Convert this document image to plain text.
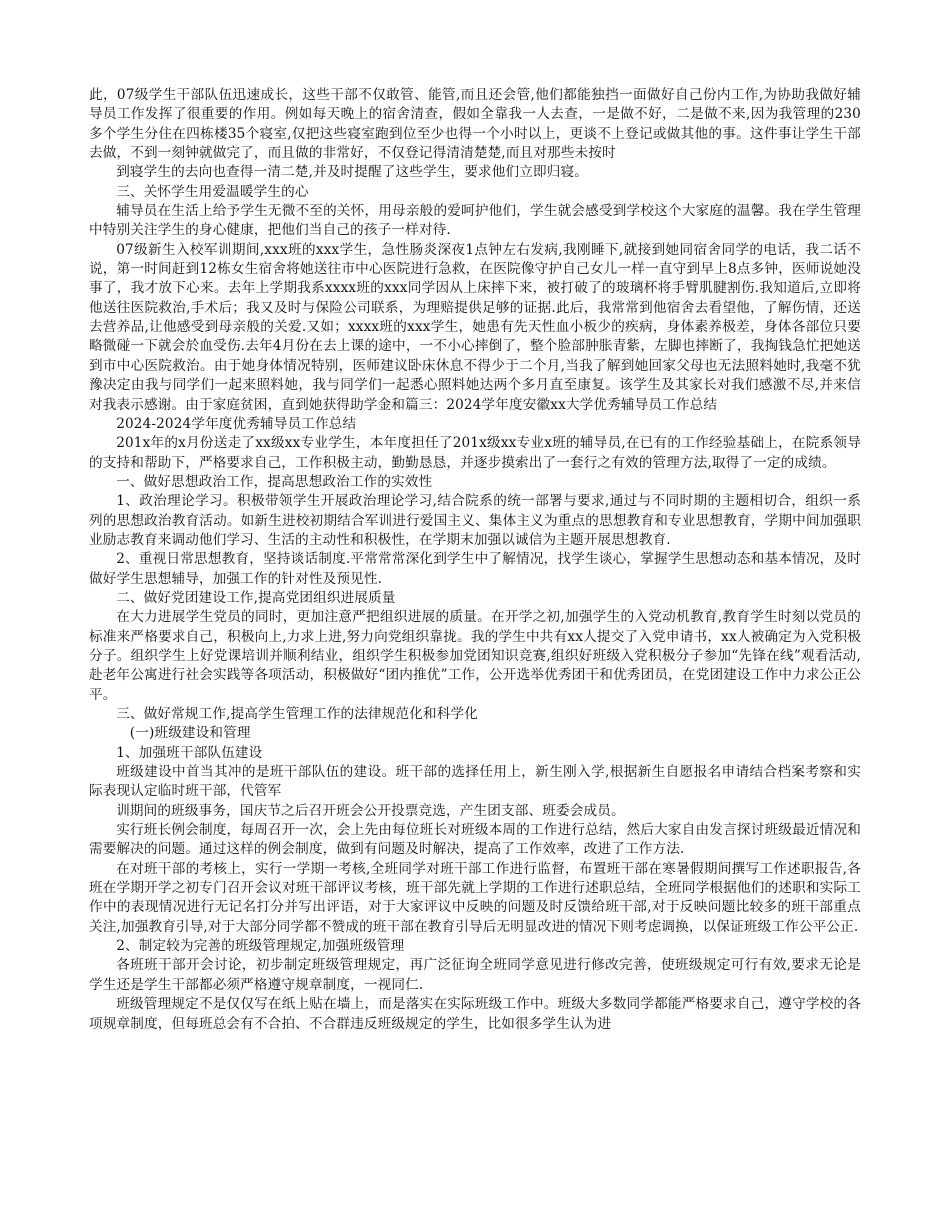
此，07级学生干部队伍迅速成长，这些干部不仅敢管、能管,而且还会管,他们都能独挡一面做好自己份内工作,为协助我做好辅导员工作发挥了很重要的作用。例如每天晚上的宿舍清查，假如全靠我一人去查，一是做不好，二是做不来,因为我管理的230多个学生分住在四栋楼35个寝室,仅把这些寝室跑到位至少也得一个小时以上，更谈不上登记或做其他的事。这件事让学生干部去做，不到一刻钟就做完了，而且做的非常好，不仅登记得清清楚楚,而且对那些未按时

到寝学生的去向也查得一清二楚,并及时提醒了这些学生，要求他们立即归寝。

三、关怀学生用爱温暖学生的心

辅导员在生活上给予学生无微不至的关怀，用母亲般的爱呵护他们，学生就会感受到学校这个大家庭的温馨。我在学生管理中特别关注学生的身心健康，把他们当自己的孩子一样对待.

07级新生入校军训期间,xxx班的xxx学生，急性肠炎深夜1点钟左右发病,我刚睡下,就接到她同宿舍同学的电话，我二话不说，第一时间赶到12栋女生宿舍将她送往市中心医院进行急救，在医院像守护自己女儿一样一直守到早上8点多钟，医师说她没事了，我才放下心来。去年上学期我系xxxx班的xxx同学因从上床摔下来，被打破了的玻璃杯将手臂肌腱割伤.我知道后,立即将他送往医院救治,手术后；我又及时与保险公司联系，为理赔提供足够的证据.此后，我常常到他宿舍去看望他，了解伤情，还送去营养品,让他感受到母亲般的关爱.又如；xxxx班的xxx学生，她患有先天性血小板少的疾病，身体素养极差，身体各部位只要略微碰一下就会於血受伤.去年4月份在去上课的途中，一不小心摔倒了，整个脸部肿胀青紫，左脚也摔断了，我掏钱急忙把她送到市中心医院救治。由于她身体情况特别，医师建议卧床休息不得少于二个月,当我了解到她回家父母也无法照料她时,我毫不犹豫决定由我与同学们一起来照料她，我与同学们一起悉心照料她达两个多月直至康复。该学生及其家长对我们感激不尽,并来信对我表示感谢。由于家庭贫困，直到她获得助学金和篇三：2024学年度安徽xx大学优秀辅导员工作总结

2024-2024学年度优秀辅导员工作总结

201x年的x月份送走了xx级xx专业学生，本年度担任了201x级xx专业x班的辅导员,在已有的工作经验基础上，在院系领导的支持和帮助下，严格要求自己，工作积极主动，勤勤恳恳，并逐步摸索出了一套行之有效的管理方法,取得了一定的成绩。

一、做好思想政治工作，提高思想政治工作的实效性

1、政治理论学习。积极带领学生开展政治理论学习,结合院系的统一部署与要求,通过与不同时期的主题相切合，组织一系列的思想政治教育活动。如新生进校初期结合军训进行爱国主义、集体主义为重点的思想教育和专业思想教育，学期中间加强职业励志教育来调动他们学习、生活的主动性和积极性，在学期末加强以诚信为主题开展思想教育.

2、重视日常思想教育，坚持谈话制度.平常常常深化到学生中了解情况，找学生谈心，掌握学生思想动态和基本情况，及时做好学生思想辅导，加强工作的针对性及预见性.

二、做好党团建设工作,提高党团组织进展质量

在大力进展学生党员的同时，更加注意严把组织进展的质量。在开学之初,加强学生的入党动机教育,教育学生时刻以党员的标准来严格要求自己，积极向上,力求上进,努力向党组织靠拢。我的学生中共有xx人提交了入党申请书，xx人被确定为入党积极分子。组织学生上好党课培训并顺利结业，组织学生积极参加党团知识竞赛,组织好班级入党积极分子参加“先锋在线”观看活动,赴老年公寓进行社会实践等各项活动，积极做好“团内推优”工作，公开选举优秀团干和优秀团员，在党团建设工作中力求公正公平。

三、做好常规工作,提高学生管理工作的法律规范化和科学化

(一)班级建设和管理

1、加强班干部队伍建设

班级建设中首当其冲的是班干部队伍的建设。班干部的选择任用上，新生刚入学,根据新生自愿报名申请结合档案考察和实际表现认定临时班干部，代管军

训期间的班级事务，国庆节之后召开班会公开投票竞选，产生团支部、班委会成员。

实行班长例会制度，每周召开一次，会上先由每位班长对班级本周的工作进行总结，然后大家自由发言探讨班级最近情况和需要解决的问题。通过这样的例会制度，做到有问题及时解决，提高了工作效率，改进了工作方法.

在对班干部的考核上，实行一学期一考核,全班同学对班干部工作进行监督，布置班干部在寒暑假期间撰写工作述职报告,各班在学期开学之初专门召开会议对班干部评议考核，班干部先就上学期的工作进行述职总结，全班同学根据他们的述职和实际工作中的表现情况进行无记名打分并写出评语，对于大家评议中反映的问题及时反馈给班干部,对于反映问题比较多的班干部重点关注,加强教育引导,对于大部分同学都不赞成的班干部在教育引导后无明显改进的情况下则考虑调换，以保证班级工作公平公正.

2、制定较为完善的班级管理规定,加强班级管理

各班班干部开会讨论，初步制定班级管理规定，再广泛征询全班同学意见进行修改完善，使班级规定可行有效,要求无论是学生还是学生干部都必须严格遵守规章制度，一视同仁.

班级管理规定不是仅仅写在纸上贴在墙上，而是落实在实际班级工作中。班级大多数同学都能严格要求自己，遵守学校的各项规章制度，但每班总会有不合拍、不合群违反班级规定的学生，比如很多学生认为进
